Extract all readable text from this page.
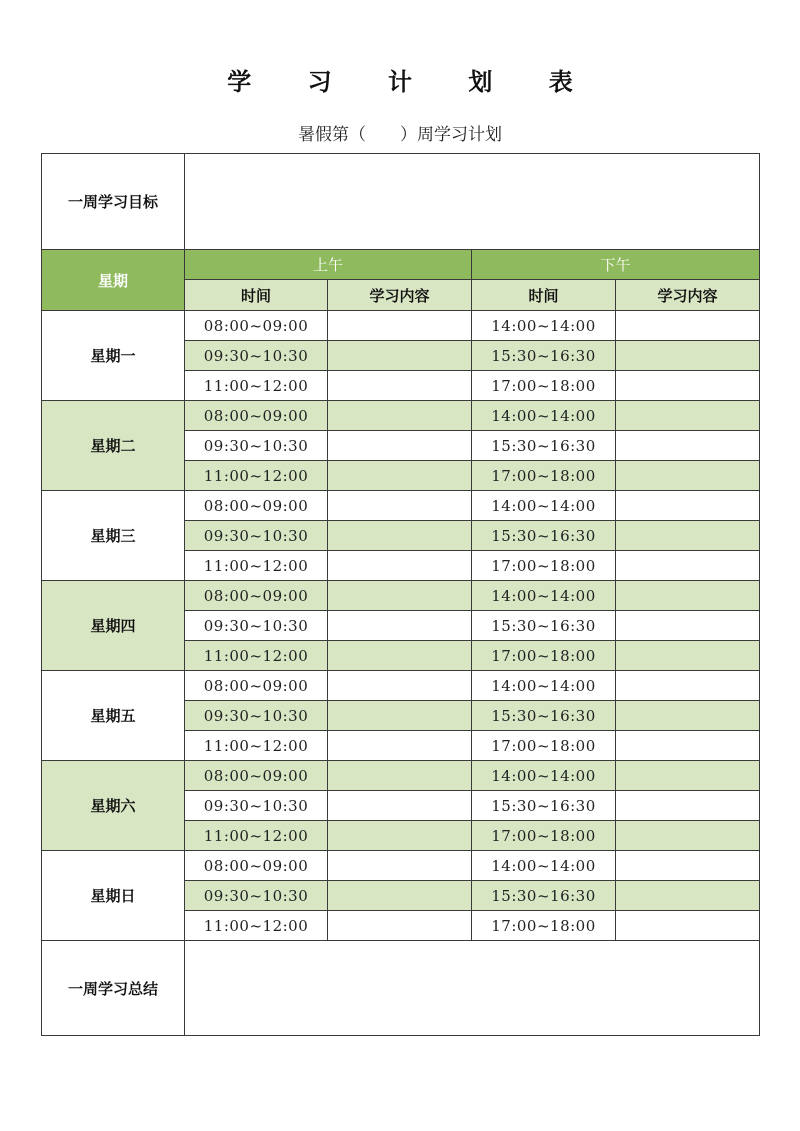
学 习 计 划 表
暑假第（　　）周学习计划
一周学习目标				
星期	上午		下午	
	时间	学习内容	时间	学习内容
星期一	08:00~09:00		14:00~14:00	
	09:30~10:30		15:30~16:30	
	11:00~12:00		17:00~18:00	
星期二	08:00~09:00		14:00~14:00	
	09:30~10:30		15:30~16:30	
	11:00~12:00		17:00~18:00	
星期三	08:00~09:00		14:00~14:00	
	09:30~10:30		15:30~16:30	
	11:00~12:00		17:00~18:00	
星期四	08:00~09:00		14:00~14:00	
	09:30~10:30		15:30~16:30	
	11:00~12:00		17:00~18:00	
星期五	08:00~09:00		14:00~14:00	
	09:30~10:30		15:30~16:30	
	11:00~12:00		17:00~18:00	
星期六	08:00~09:00		14:00~14:00	
	09:30~10:30		15:30~16:30	
	11:00~12:00		17:00~18:00	
星期日	08:00~09:00		14:00~14:00	
	09:30~10:30		15:30~16:30	
	11:00~12:00		17:00~18:00	
一周学习总结				
